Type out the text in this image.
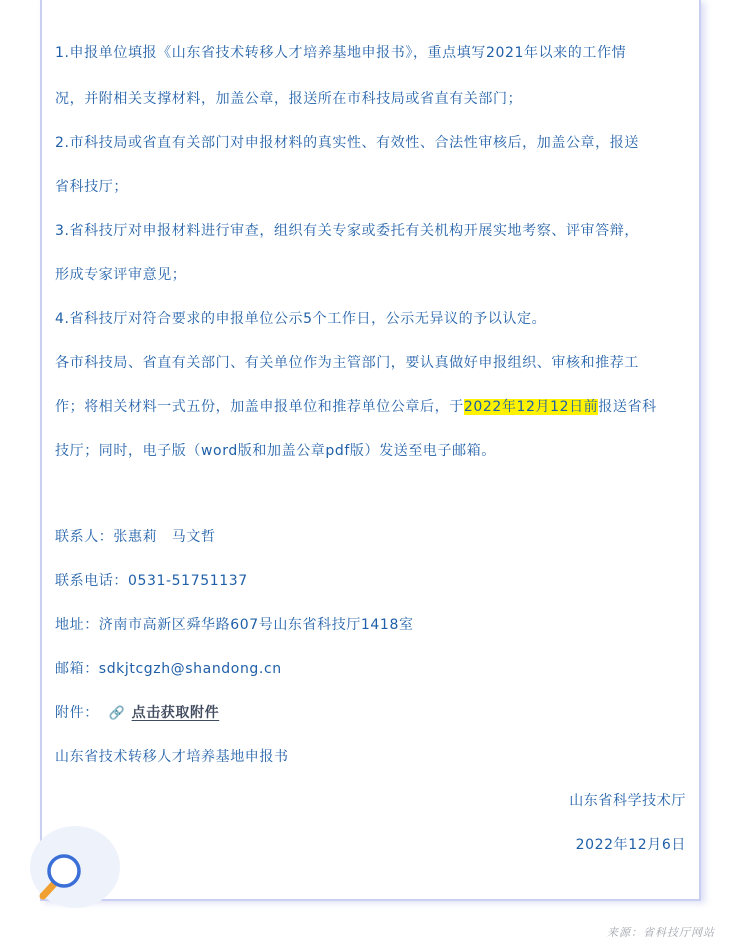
1.申报单位填报《山东省技术转移人才培养基地申报书》，重点填写2021年以来的工作情
况，并附相关支撑材料，加盖公章，报送所在市科技局或省直有关部门；
2.市科技局或省直有关部门对申报材料的真实性、有效性、合法性审核后，加盖公章，报送
省科技厅；
3.省科技厅对申报材料进行审查，组织有关专家或委托有关机构开展实地考察、评审答辩，
形成专家评审意见；
4.省科技厅对符合要求的申报单位公示5个工作日，公示无异议的予以认定。
各市科技局、省直有关部门、有关单位作为主管部门，要认真做好申报组织、审核和推荐工
作；将相关材料一式五份，加盖申报单位和推荐单位公章后，于2022年12月12日前报送省科
技厅；同时，电子版（word版和加盖公章pdf版）发送至电子邮箱。
联系人：张惠莉　马文哲
联系电话：0531-51751137
地址：济南市高新区舜华路607号山东省科技厅1418室
邮箱：sdkjtcgzh@shandong.cn
附件： 🔗 点击获取附件
山东省技术转移人才培养基地申报书
山东省科学技术厅
2022年12月6日
来源：省科技厅网站
